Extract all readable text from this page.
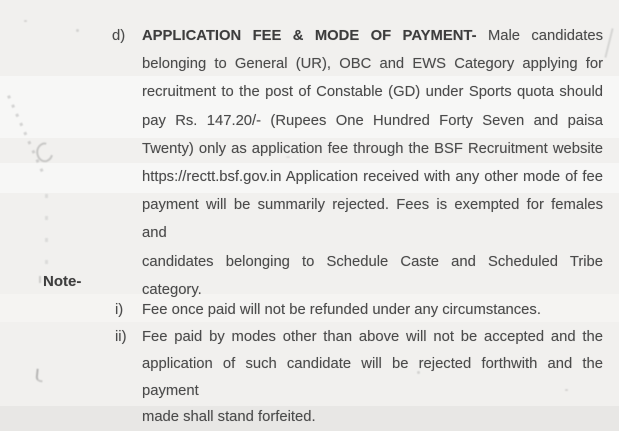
d)	APPLICATION FEE & MODE OF PAYMENT- Male candidates
belonging to General (UR), OBC and EWS Category applying for
recruitment to the post of Constable (GD) under Sports quota should
pay Rs. 147.20/- (Rupees One Hundred Forty Seven and paisa
Twenty) only as application fee through the BSF Recruitment website
https://rectt.bsf.gov.in Application received with any other mode of fee
payment will be summarily rejected. Fees is exempted for females and
candidates belonging to Schedule Caste and Scheduled Tribe
category.
Note-
i)	Fee once paid will not be refunded under any circumstances.
ii)	Fee paid by modes other than above will not be accepted and the
application of such candidate will be rejected forthwith and the payment
made shall stand forfeited.
